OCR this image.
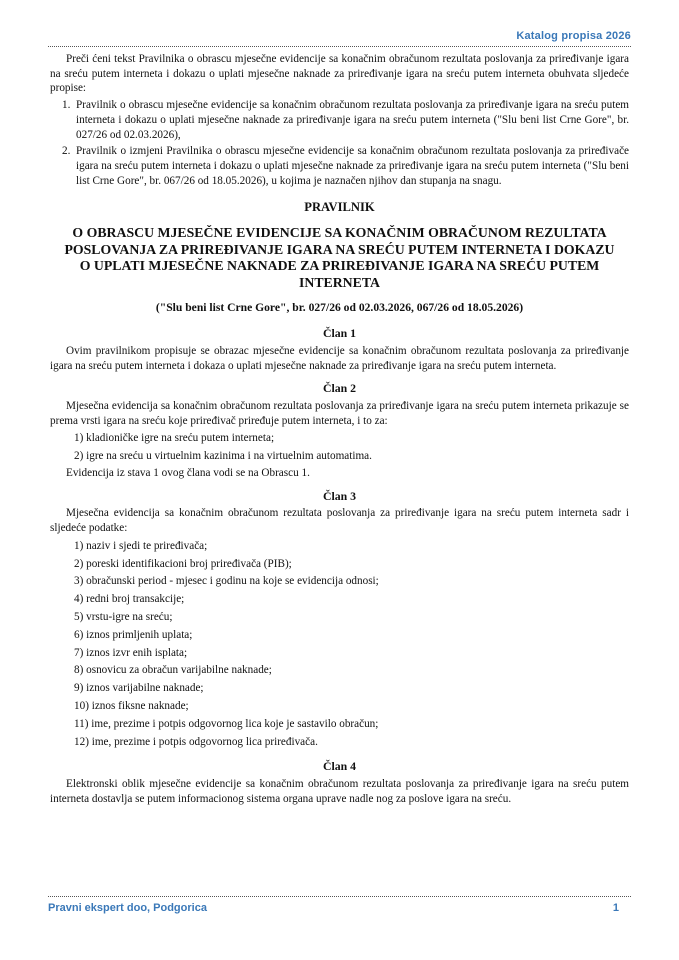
Katalog propisa 2026

Preči ćeni tekst Pravilnika o obrascu mjesečne evidencije sa konačnim obračunom rezultata poslovanja za priređivanje igara na sreću putem interneta i dokazu o uplati mjesečne naknade za priređivanje igara na sreću putem interneta obuhvata sljedeće propise:

1. Pravilnik o obrascu mjesečne evidencije sa konačnim obračunom rezultata poslovanja za priređivanje igara na sreću putem interneta i dokazu o uplati mjesečne naknade za priređivanje igara na sreću putem interneta ("Slu beni list Crne Gore", br. 027/26 od 02.03.2026),
2. Pravilnik o izmjeni Pravilnika o obrascu mjesečne evidencije sa konačnim obračunom rezultata poslovanja za priređivače igara na sreću putem interneta i dokazu o uplati mjesečne naknade za priređivanje igara na sreću putem interneta ("Slu beni list Crne Gore", br. 067/26 od 18.05.2026), u kojima je naznačen njihov dan stupanja na snagu.
PRAVILNIK
O OBRASCU MJESEČNE EVIDENCIJE SA KONAČNIM OBRAČUNOM REZULTATA POSLOVANJA ZA PRIREĐIVANJE IGARA NA SREĆU PUTEM INTERNETA I DOKAZU O UPLATI MJESEČNE NAKNADE ZA PRIREĐIVANJE IGARA NA SREĆU PUTEM INTERNETA
("Slu beni list Crne Gore", br. 027/26 od 02.03.2026, 067/26 od 18.05.2026)
Član 1

Ovim pravilnikom propisuje se obrazac mjesečne evidencije sa konačnim obračunom rezultata poslovanja za priređivanje igara na sreću putem interneta i dokaza o uplati mjesečne naknade za priređivanje igara na sreću putem interneta.

Član 2

Mjesečna evidencija sa konačnim obračunom rezultata poslovanja za priređivanje igara na sreću putem interneta prikazuje se prema vrsti igara na sreću koje priređivač priređuje putem interneta, i to za:

1) kladioničke igre na sreću putem interneta;
2) igre na sreću u virtuelnim kazinima i na virtuelnim automatima.

Evidencija iz stava 1 ovog člana vodi se na Obrascu 1.

Član 3

Mjesečna evidencija sa konačnim obračunom rezultata poslovanja za priređivanje igara na sreću putem interneta sadr i sljedeće podatke:

1) naziv i sjedi te priređivača;
2) poreski identifikacioni broj priređivača (PIB);
3) obračunski period - mjesec i godinu na koje se evidencija odnosi;
4) redni broj transakcije;
5) vrstu-igre na sreću;
6) iznos primljenih uplata;
7) iznos izvr enih isplata;
8) osnovicu za obračun varijabilne naknade;
9) iznos varijabilne naknade;
10) iznos fiksne naknade;
11) ime, prezime i potpis odgovornog lica koje je sastavilo obračun;
12) ime, prezime i potpis odgovornog lica priređivača.
Član 4

Elektronski oblik mjesečne evidencije sa konačnim obračunom rezultata poslovanja za priređivanje igara na sreću putem interneta dostavlja se putem informacionog sistema organa uprave nadle nog za poslove igara na sreću.

Pravni ekspert doo, Podgorica	1
